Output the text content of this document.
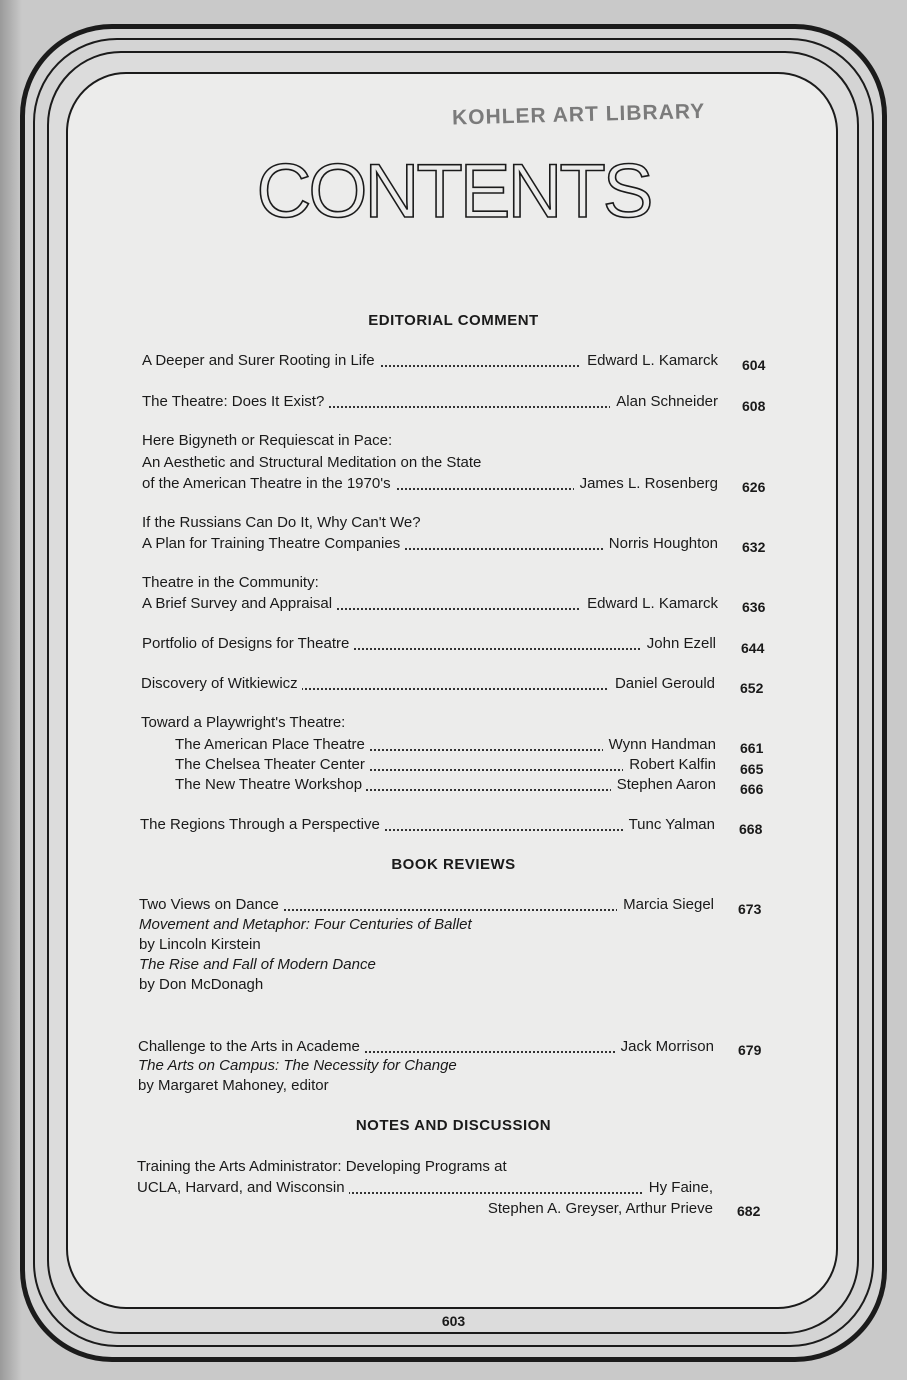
KOHLER ART LIBRARY
CONTENTS
EDITORIAL COMMENT
A Deeper and Surer Rooting in Life	Edward L. Kamarck 604
The Theatre: Does It Exist?	Alan Schneider 608
Here Bigyneth or Requiescat in Pace:
An Aesthetic and Structural Meditation on the State
of the American Theatre in the 1970's	James L. Rosenberg 626
If the Russians Can Do It, Why Can't We?
A Plan for Training Theatre Companies	Norris Houghton 632
Theatre in the Community:
A Brief Survey and Appraisal	Edward L. Kamarck 636
Portfolio of Designs for Theatre	John Ezell 644
Discovery of Witkiewicz	Daniel Gerould 652
Toward a Playwright's Theatre:
The American Place Theatre	Wynn Handman 661
The Chelsea Theater Center	Robert Kalfin 665
The New Theatre Workshop	Stephen Aaron 666
The Regions Through a Perspective	Tunc Yalman 668
BOOK REVIEWS
Two Views on Dance	Marcia Siegel 673
Movement and Metaphor: Four Centuries of Ballet
by Lincoln Kirstein
The Rise and Fall of Modern Dance
by Don McDonagh
Challenge to the Arts in Academe	Jack Morrison 679
The Arts on Campus: The Necessity for Change
by Margaret Mahoney, editor
NOTES AND DISCUSSION
Training the Arts Administrator: Developing Programs at
UCLA, Harvard, and Wisconsin	Hy Faine,
Stephen A. Greyser, Arthur Prieve 682
603
